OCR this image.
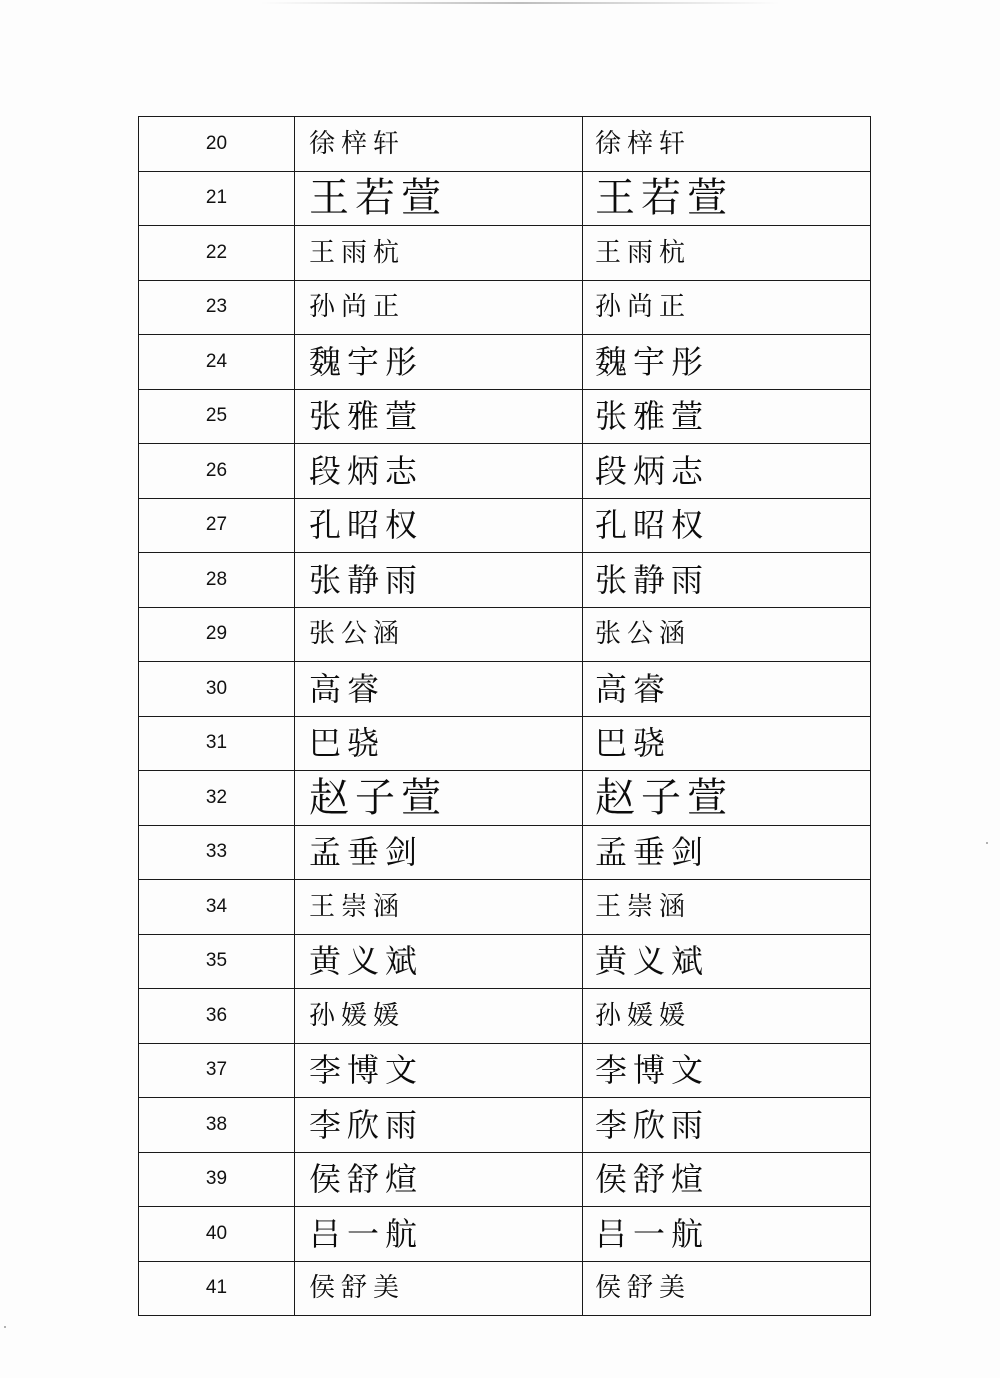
20	徐梓轩	徐梓轩

21	王若萱	王若萱

22	王雨杭	王雨杭

23	孙尚正	孙尚正

24	魏宇彤	魏宇彤

25	张雅萱	张雅萱

26	段炳志	段炳志

27	孔昭权	孔昭权

28	张静雨	张静雨

29	张公涵	张公涵

30	高睿	高睿

31	巴骁	巴骁

32	赵子萱	赵子萱

33	孟垂剑	孟垂剑

34	王崇涵	王崇涵

35	黄义斌	黄义斌

36	孙媛媛	孙媛媛

37	李博文	李博文

38	李欣雨	李欣雨

39	侯舒煊	侯舒煊

40	吕一航	吕一航

41	侯舒美	侯舒美
